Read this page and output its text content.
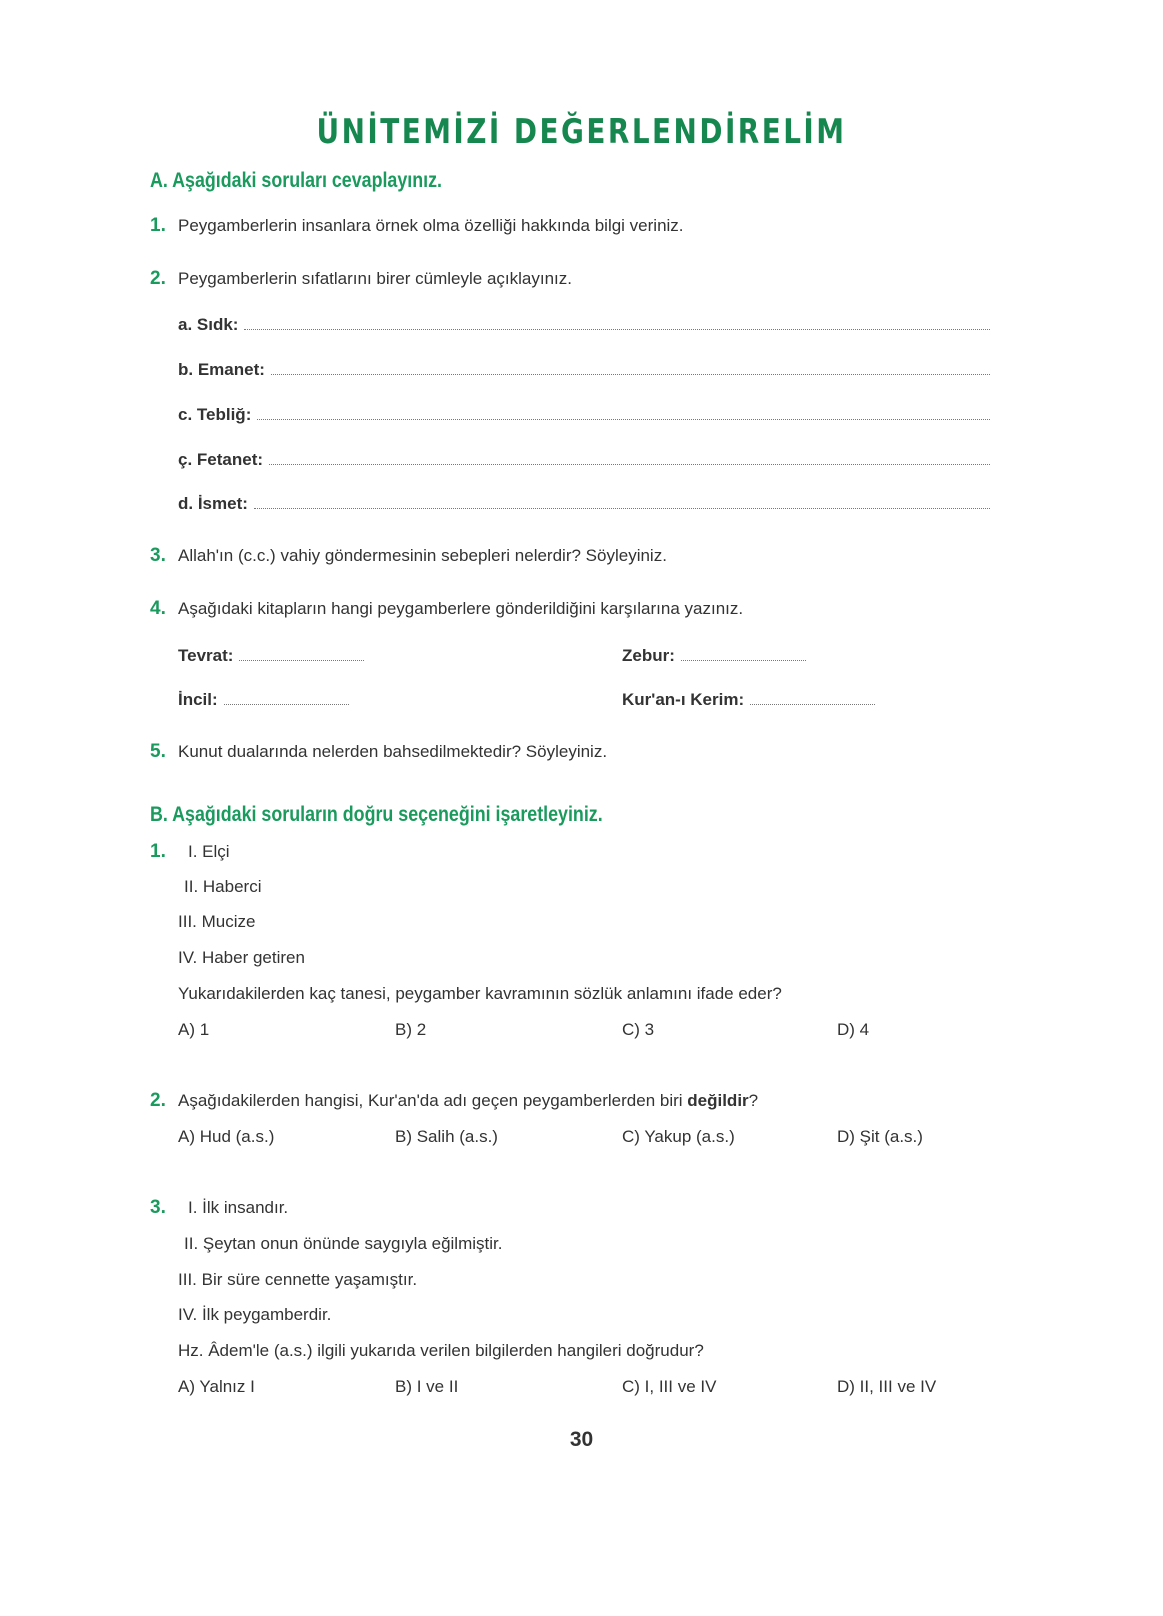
ÜNİTEMİZİ DEĞERLENDİRELİM
A. Aşağıdaki soruları cevaplayınız.
1. Peygamberlerin insanlara örnek olma özelliği hakkında bilgi veriniz.
2. Peygamberlerin sıfatlarını birer cümleyle açıklayınız.
a. Sıdk:
b. Emanet:
c. Tebliğ:
ç. Fetanet:
d. İsmet:
3. Allah'ın (c.c.) vahiy göndermesinin sebepleri nelerdir? Söyleyiniz.
4. Aşağıdaki kitapların hangi peygamberlere gönderildiğini karşılarına yazınız.
Tevrat:	Zebur:
İncil:	Kur'an-ı Kerim:
5. Kunut dualarında nelerden bahsedilmektedir? Söyleyiniz.
B. Aşağıdaki soruların doğru seçeneğini işaretleyiniz.
1. I. Elçi
II. Haberci
III. Mucize
IV. Haber getiren
Yukarıdakilerden kaç tanesi, peygamber kavramının sözlük anlamını ifade eder?
A) 1	B) 2	C) 3	D) 4
2. Aşağıdakilerden hangisi, Kur'an'da adı geçen peygamberlerden biri değildir?
A) Hud (a.s.)	B) Salih (a.s.)	C) Yakup (a.s.)	D) Şit (a.s.)
3. I. İlk insandır.
II. Şeytan onun önünde saygıyla eğilmiştir.
III. Bir süre cennette yaşamıştır.
IV. İlk peygamberdir.
Hz. Âdem'le (a.s.) ilgili yukarıda verilen bilgilerden hangileri doğrudur?
A) Yalnız I	B) I ve II	C) I, III ve IV	D) II, III ve IV
30
